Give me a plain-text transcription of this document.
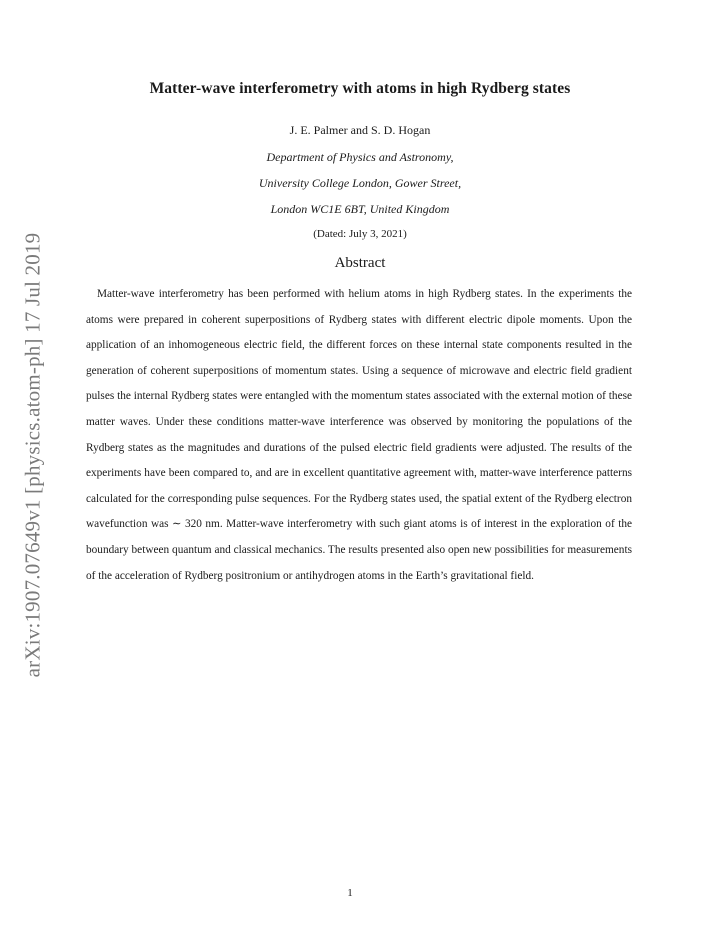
arXiv:1907.07649v1 [physics.atom-ph] 17 Jul 2019
Matter-wave interferometry with atoms in high Rydberg states
J. E. Palmer and S. D. Hogan
Department of Physics and Astronomy,
University College London, Gower Street,
London WC1E 6BT, United Kingdom
(Dated: July 3, 2021)
Abstract

Matter-wave interferometry has been performed with helium atoms in high Rydberg states. In the experiments the atoms were prepared in coherent superpositions of Rydberg states with different electric dipole moments. Upon the application of an inhomogeneous electric field, the different forces on these internal state components resulted in the generation of coherent superpositions of momentum states. Using a sequence of microwave and electric field gradient pulses the internal Rydberg states were entangled with the momentum states associated with the external motion of these matter waves. Under these conditions matter-wave interference was observed by monitoring the populations of the Rydberg states as the magnitudes and durations of the pulsed electric field gradients were adjusted. The results of the experiments have been compared to, and are in excellent quantitative agreement with, matter-wave interference patterns calculated for the corresponding pulse sequences. For the Rydberg states used, the spatial extent of the Rydberg electron wavefunction was ∼ 320 nm. Matter-wave interferometry with such giant atoms is of interest in the exploration of the boundary between quantum and classical mechanics. The results presented also open new possibilities for measurements of the acceleration of Rydberg positronium or antihydrogen atoms in the Earth’s gravitational field.

1
